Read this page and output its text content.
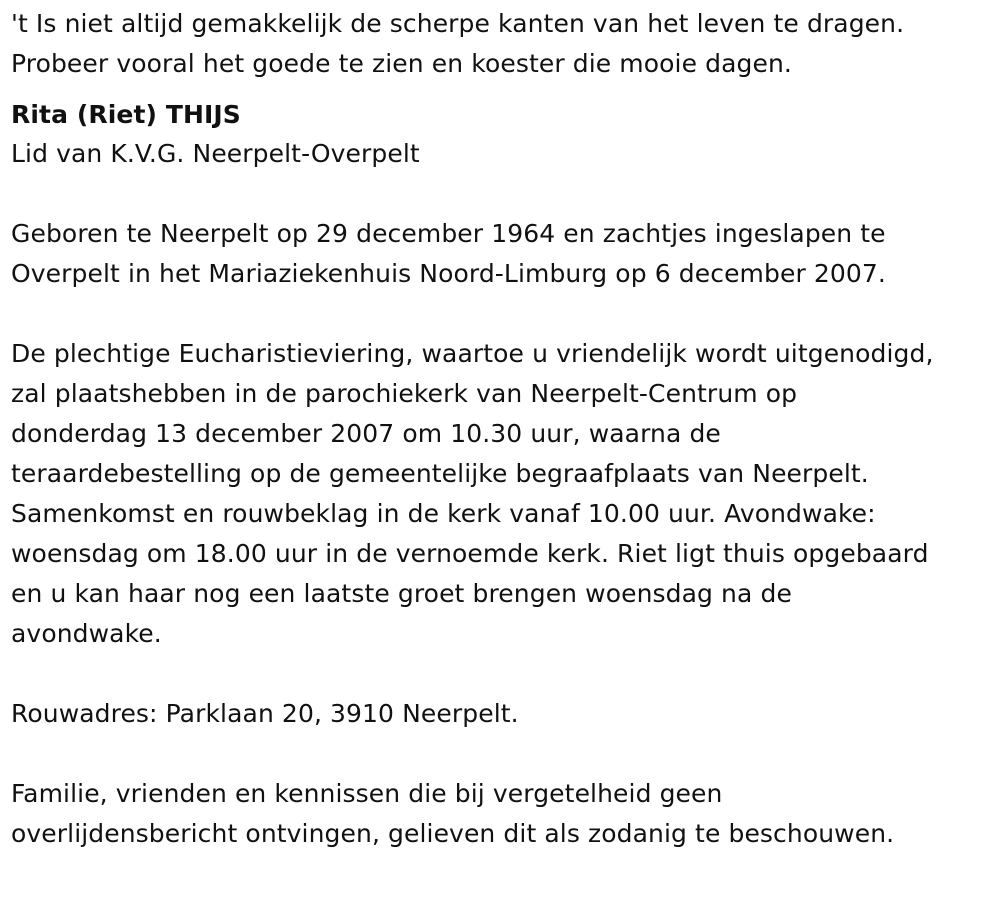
't Is niet altijd gemakkelijk de scherpe kanten van het leven te dragen.
Probeer vooral het goede te zien en koester die mooie dagen.
Rita (Riet) THIJS
Lid van K.V.G. Neerpelt-Overpelt
Geboren te Neerpelt op 29 december 1964 en zachtjes ingeslapen te
Overpelt in het Mariaziekenhuis Noord-Limburg op 6 december 2007.
De plechtige Eucharistieviering, waartoe u vriendelijk wordt uitgenodigd,
zal plaatshebben in de parochiekerk van Neerpelt-Centrum op
donderdag 13 december 2007 om 10.30 uur, waarna de
teraardebestelling op de gemeentelijke begraafplaats van Neerpelt.
Samenkomst en rouwbeklag in de kerk vanaf 10.00 uur. Avondwake:
woensdag om 18.00 uur in de vernoemde kerk. Riet ligt thuis opgebaard
en u kan haar nog een laatste groet brengen woensdag na de
avondwake.
Rouwadres: Parklaan 20, 3910 Neerpelt.
Familie, vrienden en kennissen die bij vergetelheid geen
overlijdensbericht ontvingen, gelieven dit als zodanig te beschouwen.
